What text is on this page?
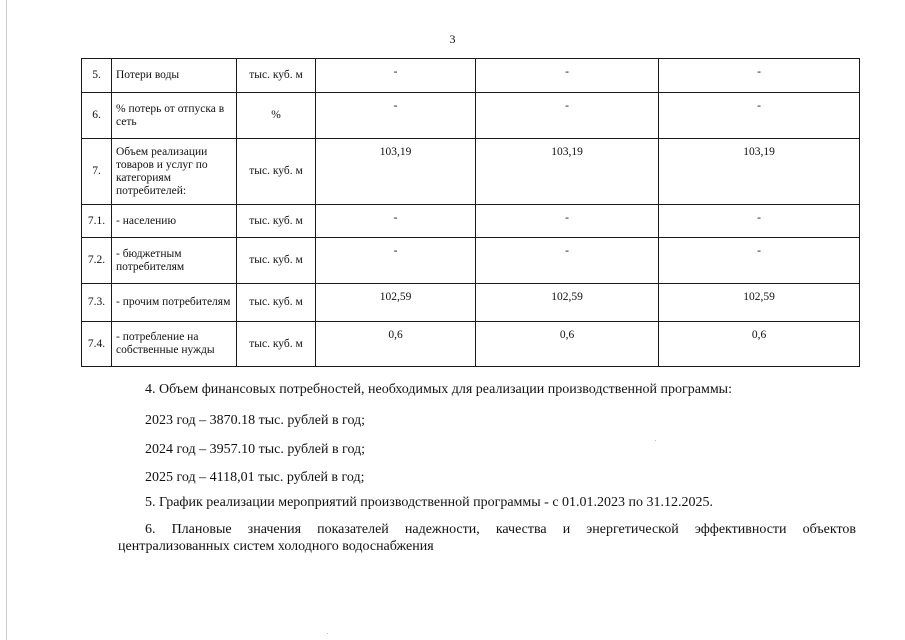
3
5.	Потери воды	тыс. куб. м	-	-	-
6.	% потерь от отпуска в сеть	%	-	-	-
7.	Объем реализации товаров и услуг по категориям потребителей:	тыс. куб. м	103,19	103,19	103,19
7.1.	- населению	тыс. куб. м	-	-	-
7.2.	- бюджетным потребителям	тыс. куб. м	-	-	-
7.3.	- прочим потребителям	тыс. куб. м	102,59	102,59	102,59
7.4.	- потребление на собственные нужды	тыс. куб. м	0,6	0,6	0,6

4. Объем финансовых потребностей, необходимых для реализации производственной программы:

2023 год – 3870.18 тыс. рублей в год;

2024 год – 3957.10 тыс. рублей в год;

2025 год – 4118,01 тыс. рублей в год;

5. График реализации мероприятий производственной программы - с 01.01.2023 по 31.12.2025.

6. Плановые значения показателей надежности, качества и энергетической эффективности объектов централизованных систем холодного водоснабжения
